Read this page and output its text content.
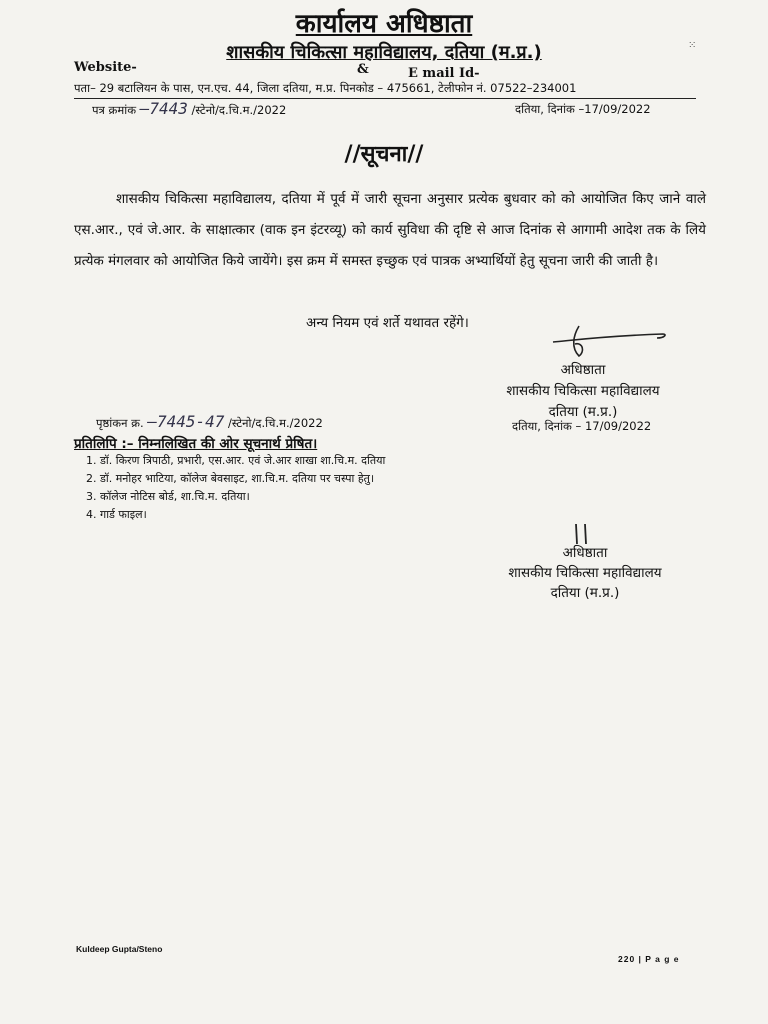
कार्यालय अधिष्ठाता
⁙
शासकीय चिकित्सा महाविद्यालय, दतिया (म.प्र.)
Website-	&	E mail Id-
पता– 29 बटालियन के पास, एन.एच. 44, जिला दतिया, म.प्र. पिनकोड – 475661, टेलीफोन नं. 07522–234001
पत्र क्रमांक –7443 /स्टेनो/द.चि.म./2022	दतिया, दिनांक –17/09/2022
//सूचना//

शासकीय चिकित्सा महाविद्यालय, दतिया में पूर्व में जारी सूचना अनुसार प्रत्येक बुधवार को को आयोजित किए जाने वाले एस.आर., एवं जे.आर. के साक्षात्कार (वाक इन इंटरव्यू) को कार्य सुविधा की दृष्टि से आज दिनांक से आगामी आदेश तक के लिये प्रत्येक मंगलवार को आयोजित किये जायेंगे। इस क्रम में समस्त इच्छुक एवं पात्रक अभ्यार्थियों हेतु सूचना जारी की जाती है।

अन्य नियम एवं शर्ते यथावत रहेंगे।
अधिष्ठाता
शासकीय चिकित्सा महाविद्यालय
दतिया (म.प्र.)
पृष्ठांकन क्र. –7445-47 /स्टेनो/द.चि.म./2022	दतिया, दिनांक – 17/09/2022
प्रतिलिपि :– निम्नलिखित की ओर सूचनार्थ प्रेषित।
1. डॉ. किरण त्रिपाठी, प्रभारी, एस.आर. एवं जे.आर शाखा शा.चि.म. दतिया
2. डॉ. मनोहर भाटिया, कॉलेज बेवसाइट, शा.चि.म. दतिया पर चस्पा हेतु।
3. कॉलेज नोटिस बोर्ड, शा.चि.म. दतिया।
4. गार्ड फाइल।
अधिष्ठाता
शासकीय चिकित्सा महाविद्यालय
दतिया (म.प्र.)
Kuldeep Gupta/Steno
220 | P a g e
